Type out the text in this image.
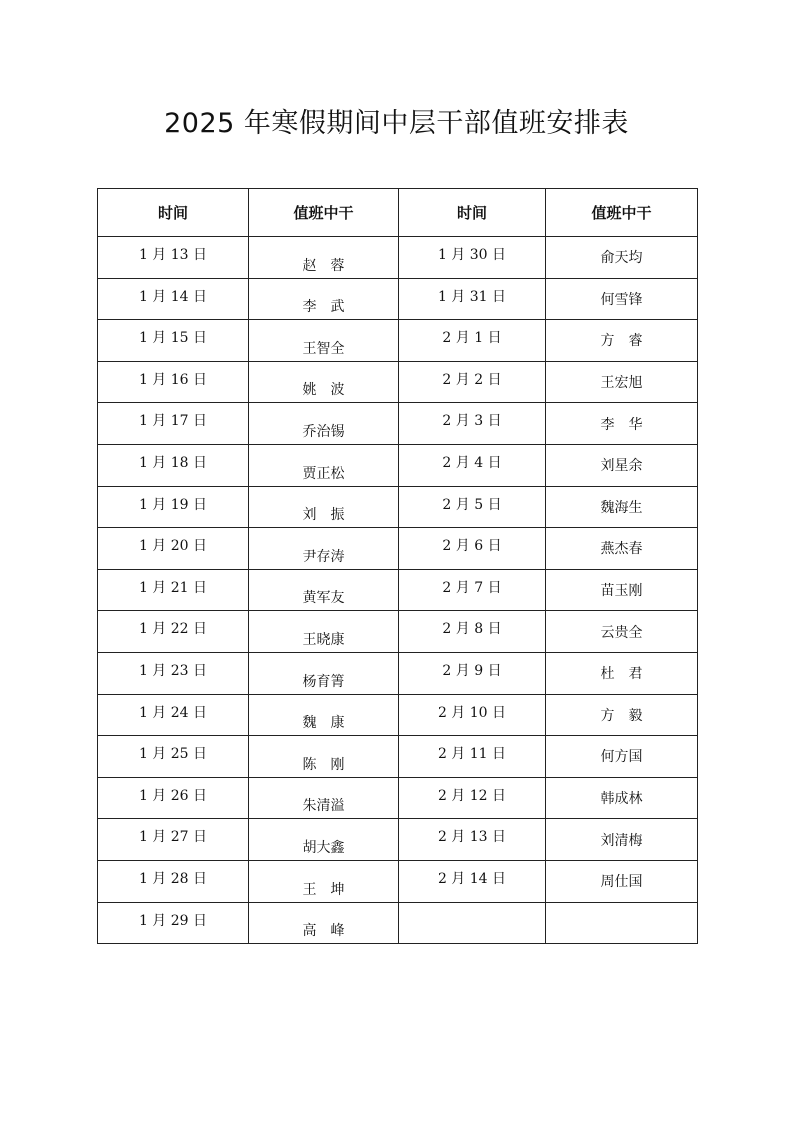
2025 年寒假期间中层干部值班安排表
时间	值班中干	时间	值班中干
1 月 13 日	赵　蓉	1 月 30 日	俞天均
1 月 14 日	李　武	1 月 31 日	何雪锋
1 月 15 日	王智全	2 月 1 日	方　睿
1 月 16 日	姚　波	2 月 2 日	王宏旭
1 月 17 日	乔治锡	2 月 3 日	李　华
1 月 18 日	贾正松	2 月 4 日	刘星余
1 月 19 日	刘　振	2 月 5 日	魏海生
1 月 20 日	尹存涛	2 月 6 日	燕杰春
1 月 21 日	黄军友	2 月 7 日	苗玉刚
1 月 22 日	王晓康	2 月 8 日	云贵全
1 月 23 日	杨育箐	2 月 9 日	杜　君
1 月 24 日	魏　康	2 月 10 日	方　毅
1 月 25 日	陈　刚	2 月 11 日	何方国
1 月 26 日	朱清溢	2 月 12 日	韩成林
1 月 27 日	胡大鑫	2 月 13 日	刘清梅
1 月 28 日	王　坤	2 月 14 日	周仕国
1 月 29 日	高　峰		
